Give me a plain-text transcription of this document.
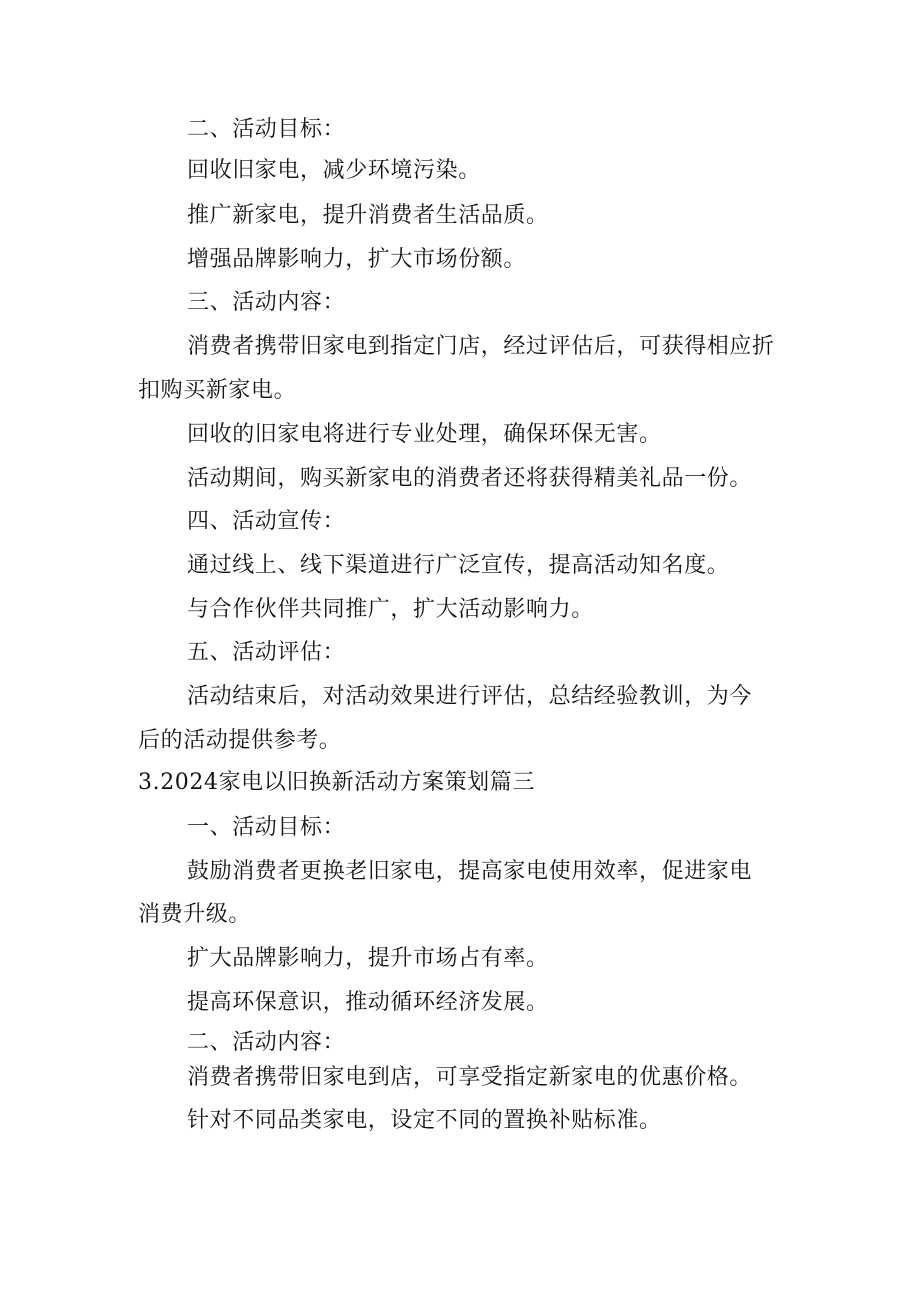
二、活动目标：
回收旧家电，减少环境污染。
推广新家电，提升消费者生活品质。
增强品牌影响力，扩大市场份额。
三、活动内容：
消费者携带旧家电到指定门店，经过评估后，可获得相应折
扣购买新家电。
回收的旧家电将进行专业处理，确保环保无害。
活动期间，购买新家电的消费者还将获得精美礼品一份。
四、活动宣传：
通过线上、线下渠道进行广泛宣传，提高活动知名度。
与合作伙伴共同推广，扩大活动影响力。
五、活动评估：
活动结束后，对活动效果进行评估，总结经验教训，为今
后的活动提供参考。
3.2024家电以旧换新活动方案策划篇三
一、活动目标：
鼓励消费者更换老旧家电，提高家电使用效率，促进家电
消费升级。
扩大品牌影响力，提升市场占有率。
提高环保意识，推动循环经济发展。
二、活动内容：
消费者携带旧家电到店，可享受指定新家电的优惠价格。
针对不同品类家电，设定不同的置换补贴标准。
